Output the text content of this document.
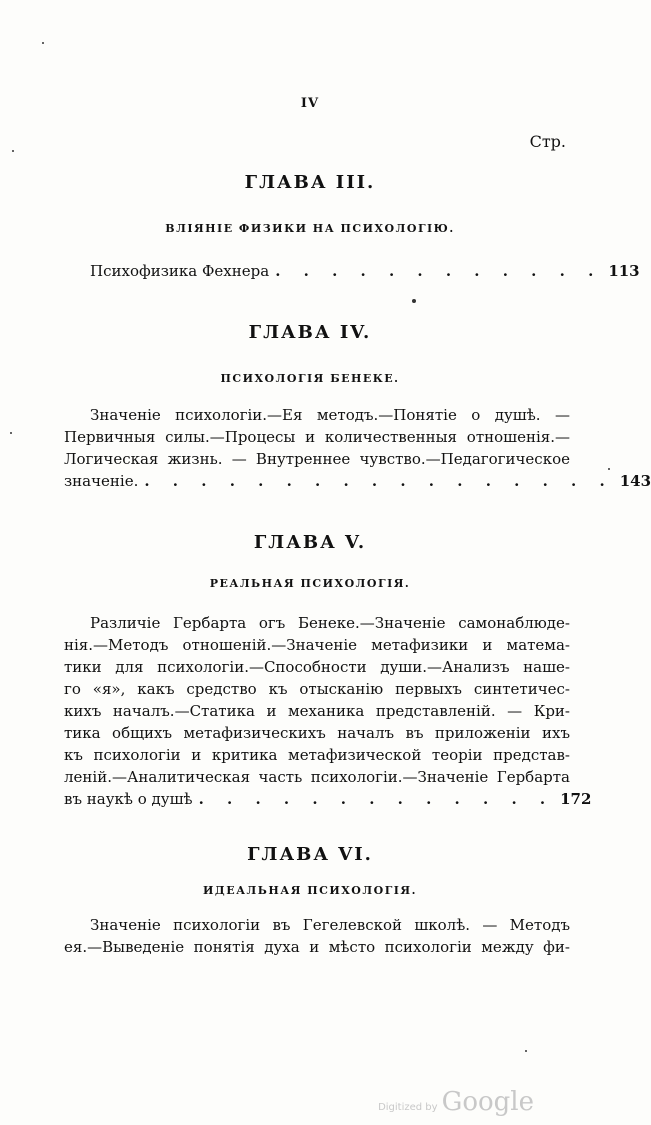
IV
Стр.
ГЛАВА III.
ВЛІЯНІЕ ФИЗИКИ НА ПСИХОЛОГІЮ.
Психофизика Фехнера . . . . . . . . . . . . 113
ГЛАВА IV.
ПСИХОЛОГІЯ БЕНЕКЕ.
Значеніе психологіи.—Ея методъ.—Понятіе о душѣ. —
Первичныя силы.—Процесы и количественныя отношенія.—
Логическая жизнь. — Внутреннее чувство.—Педагогическое
значеніе. . . . . . . . . . . . . . . . . . 143
ГЛАВА V.
РЕАЛЬНАЯ ПСИХОЛОГІЯ.
Различіе Гербарта огъ Бенеке.—Значеніе самонаблюде-
нія.—Методъ отношеній.—Значеніе метафизики и матема-
тики для психологіи.—Способности души.—Анализъ наше-
го «я», какъ средство къ отысканію первыхъ синтетичес-
кихъ началъ.—Статика и механика представленій. — Кри-
тика общихъ метафизическихъ началъ въ приложеніи ихъ
къ психологіи и критика метафизической теоріи представ-
леній.—Аналитическая часть психологіи.—Значеніе Гербарта
въ наукѣ о душѣ . . . . . . . . . . . . . 172
ГЛАВА VI.
ИДЕАЛЬНАЯ ПСИХОЛОГІЯ.
Значеніе психологіи въ Гегелевской школѣ. — Методъ
ея.—Выведеніе понятія духа и мѣсто психологіи между фи-
Digitized by Google
